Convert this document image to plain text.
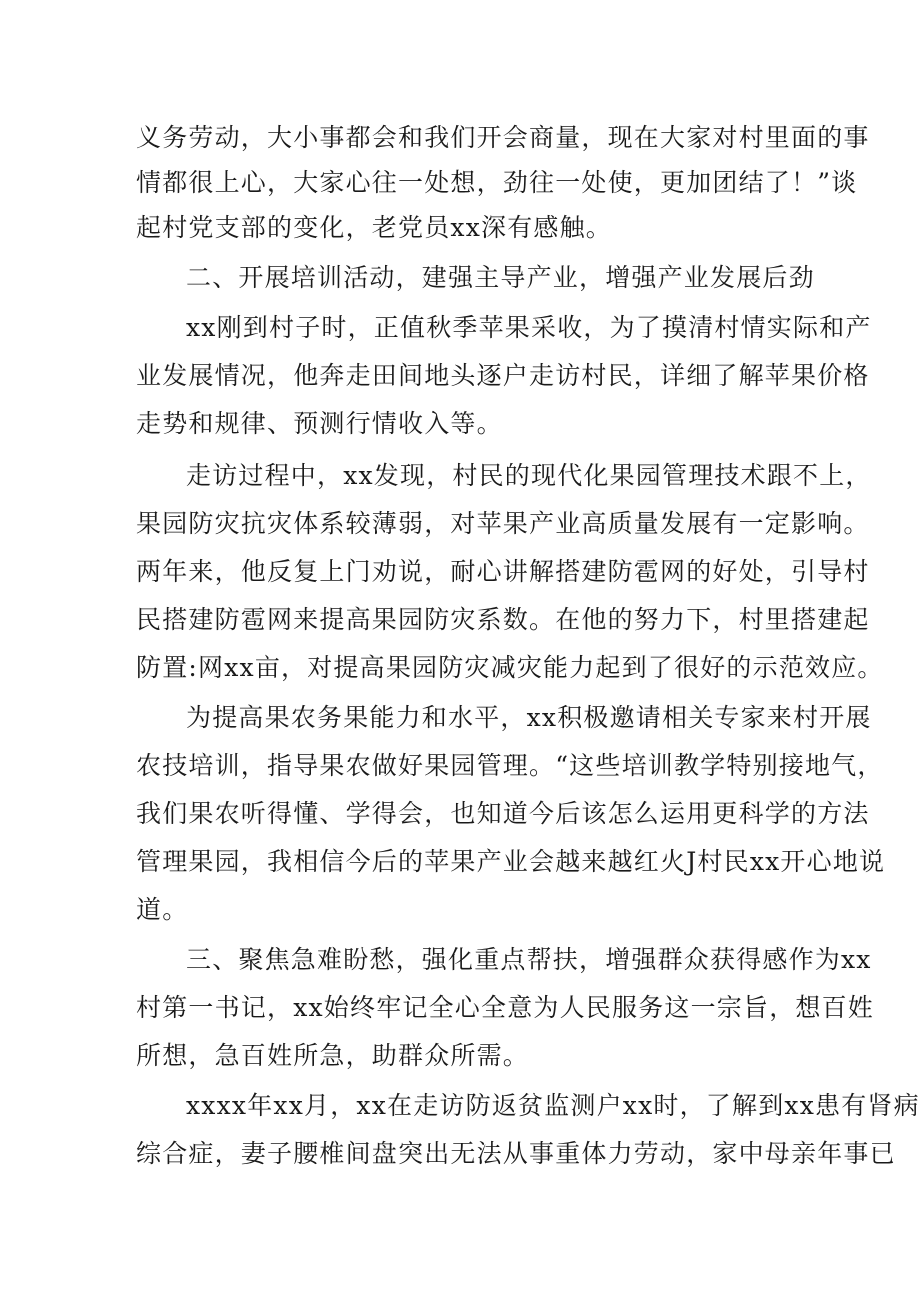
义务劳动，大小事都会和我们开会商量，现在大家对村里面的事
情都很上心，大家心往一处想，劲往一处使，更加团结了！”谈
起村党支部的变化，老党员xx深有感触。
二、开展培训活动，建强主导产业，增强产业发展后劲
xx刚到村子时，正值秋季苹果采收，为了摸清村情实际和产
业发展情况，他奔走田间地头逐户走访村民，详细了解苹果价格
走势和规律、预测行情收入等。
走访过程中，xx发现，村民的现代化果园管理技术跟不上，
果园防灾抗灾体系较薄弱，对苹果产业高质量发展有一定影响。
两年来，他反复上门劝说，耐心讲解搭建防雹网的好处，引导村
民搭建防雹网来提高果园防灾系数。在他的努力下，村里搭建起
防置:网xx亩，对提高果园防灾减灾能力起到了很好的示范效应。
为提高果农务果能力和水平，xx积极邀请相关专家来村开展
农技培训，指导果农做好果园管理。“这些培训教学特别接地气，
我们果农听得懂、学得会，也知道今后该怎么运用更科学的方法
管理果园，我相信今后的苹果产业会越来越红火J村民xx开心地说
道。
三、聚焦急难盼愁，强化重点帮扶，增强群众获得感作为xx
村第一书记，xx始终牢记全心全意为人民服务这一宗旨，想百姓
所想，急百姓所急，助群众所需。
xxxx年xx月，xx在走访防返贫监测户xx时，了解到xx患有肾病
综合症，妻子腰椎间盘突出无法从事重体力劳动，家中母亲年事已
